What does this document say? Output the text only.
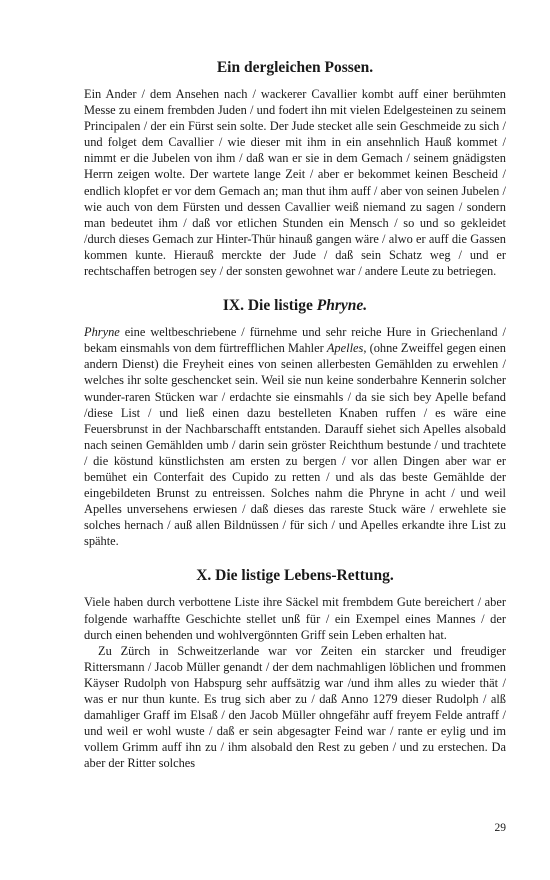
Ein dergleichen Possen.

Ein Ander / dem Ansehen nach / wackerer Cavallier kombt auff einer berühmten Messe zu einem frembden Juden / und fodert ihn mit vielen Edelgesteinen zu seinem Principalen / der ein Fürst sein solte. Der Jude stecket alle sein Geschmeide zu sich / und folget dem Cavallier / wie dieser mit ihm in ein ansehnlich Hauß kommet / nimmt er die Jubelen von ihm / daß wan er sie in dem Gemach / seinem gnädigsten Herrn zeigen wolte. Der wartete lange Zeit / aber er bekommet keinen Bescheid / endlich klopfet er vor dem Gemach an; man thut ihm auff / aber von seinen Jubelen / wie auch von dem Fürsten und dessen Cavallier weiß niemand zu sagen / sondern man bedeutet ihm / daß vor etlichen Stunden ein Mensch / so und so gekleidet /durch dieses Gemach zur Hinter-Thür hinauß gangen wäre / alwo er auff die Gassen kommen kunte. Hierauß merckte der Jude / daß sein Schatz weg / und er rechtschaffen betrogen sey / der sonsten gewohnet war / andere Leute zu betriegen.

IX. Die listige Phryne.

Phryne eine weltbeschriebene / fürnehme und sehr reiche Hure in Griechenland / bekam einsmahls von dem fürtrefflichen Mahler Apelles, (ohne Zweiffel gegen einen andern Dienst) die Freyheit eines von seinen allerbesten Gemählden zu erwehlen / welches ihr solte geschencket sein. Weil sie nun keine sonderbahre Kennerin solcher wunder-raren Stücken war / erdachte sie einsmahls / da sie sich bey Apelle befand /diese List / und ließ einen dazu bestelleten Knaben ruffen / es wäre eine Feuersbrunst in der Nachbarschafft entstanden. Darauff siehet sich Apelles alsobald nach seinen Gemählden umb / darin sein gröster Reichthum bestunde / und trachtete / die köstund künstlichsten am ersten zu bergen / vor allen Dingen aber war er bemühet ein Conterfait des Cupido zu retten / und als das beste Gemählde der eingebildeten Brunst zu entreissen. Solches nahm die Phryne in acht / und weil Apelles unversehens erwiesen / daß dieses das rareste Stuck wäre / erwehlete sie solches hernach / auß allen Bildnüssen / für sich / und Apelles erkandte ihre List zu spähte.

X. Die listige Lebens-Rettung.

Viele haben durch verbottene Liste ihre Säckel mit frembdem Gute bereichert / aber folgende warhaffte Geschichte stellet unß für / ein Exempel eines Mannes / der durch einen behenden und wohlvergönnten Griff sein Leben erhalten hat.

Zu Zürch in Schweitzerlande war vor Zeiten ein starcker und freudiger Rittersmann / Jacob Müller genandt / der dem nachmahligen löblichen und frommen Käyser Rudolph von Habspurg sehr auffsätzig war /und ihm alles zu wieder thät / was er nur thun kunte. Es trug sich aber zu / daß Anno 1279 dieser Rudolph / alß damahliger Graff im Elsaß / den Jacob Müller ohngefähr auff freyem Felde antraff / und weil er wohl wuste / daß er sein abgesagter Feind war / rante er eylig und im vollem Grimm auff ihn zu / ihm alsobald den Rest zu geben / und zu erstechen. Da aber der Ritter solches

29
